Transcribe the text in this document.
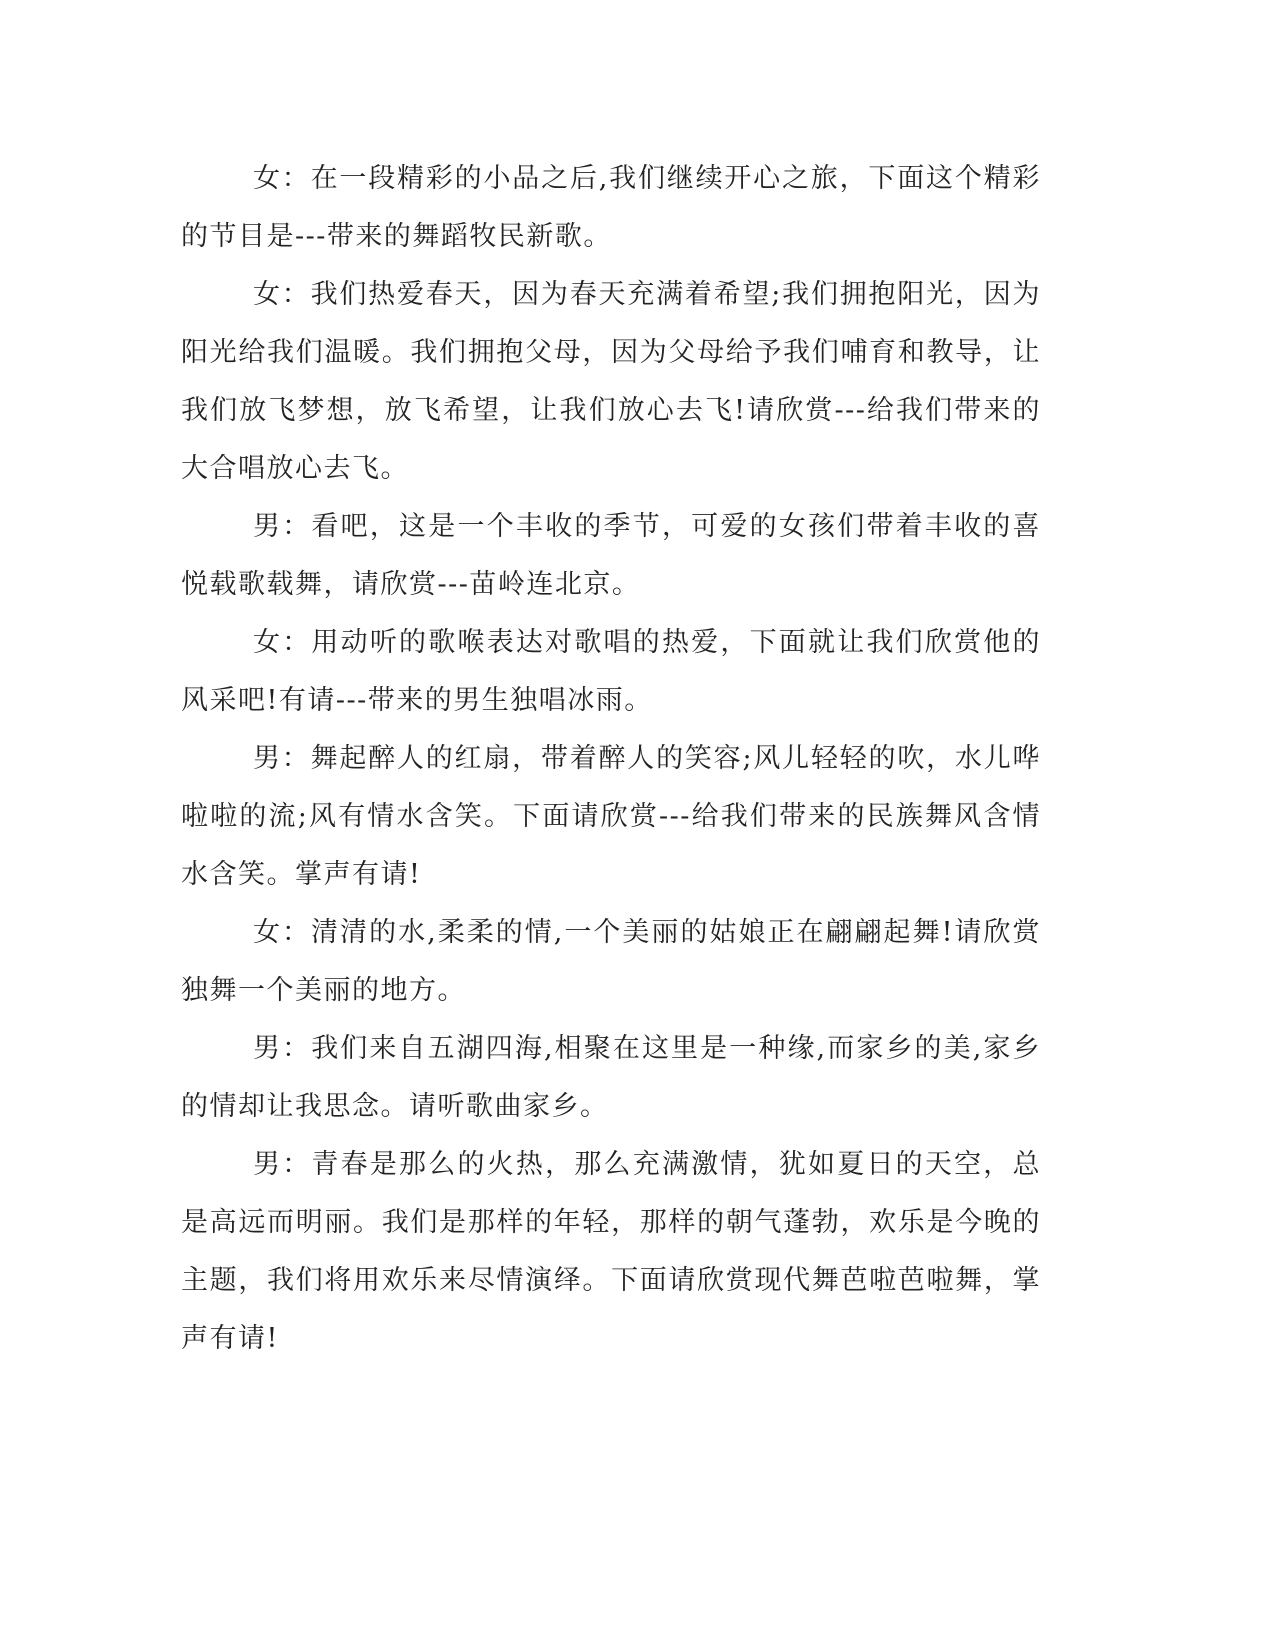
女：在一段精彩的小品之后,我们继续开心之旅，下面这个精彩的节目是---带来的舞蹈牧民新歌。

女：我们热爱春天，因为春天充满着希望;我们拥抱阳光，因为阳光给我们温暖。我们拥抱父母，因为父母给予我们哺育和教导，让我们放飞梦想，放飞希望，让我们放心去飞!请欣赏---给我们带来的大合唱放心去飞。

男：看吧，这是一个丰收的季节，可爱的女孩们带着丰收的喜悦载歌载舞，请欣赏---苗岭连北京。

女：用动听的歌喉表达对歌唱的热爱，下面就让我们欣赏他的风采吧!有请---带来的男生独唱冰雨。

男：舞起醉人的红扇，带着醉人的笑容;风儿轻轻的吹，水儿哗啦啦的流;风有情水含笑。下面请欣赏---给我们带来的民族舞风含情水含笑。掌声有请!

女：清清的水,柔柔的情,一个美丽的姑娘正在翩翩起舞!请欣赏独舞一个美丽的地方。

男：我们来自五湖四海,相聚在这里是一种缘,而家乡的美,家乡的情却让我思念。请听歌曲家乡。

男：青春是那么的火热，那么充满激情，犹如夏日的天空，总是高远而明丽。我们是那样的年轻，那样的朝气蓬勃，欢乐是今晚的主题，我们将用欢乐来尽情演绎。下面请欣赏现代舞芭啦芭啦舞，掌声有请!
